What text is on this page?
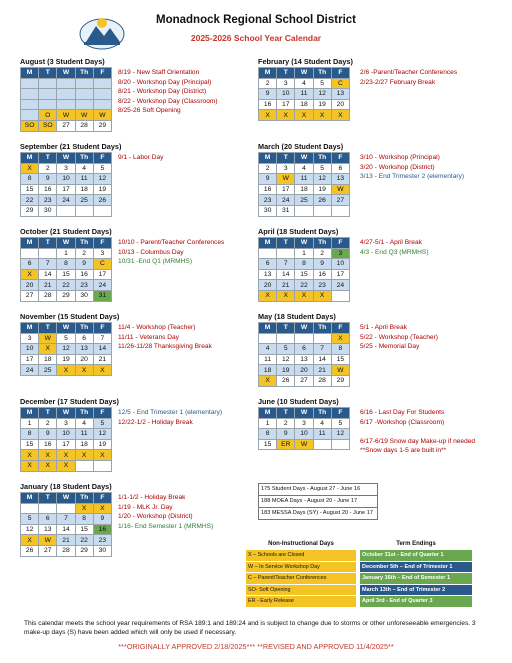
Monadnock Regional School District
2025-2026 School Year Calendar
August (3 Student Days)
M	T	W	Th	F

	O	W	W	W
SO	SO	27	28	29
8/19 - New Staff Orientation
8/20 - Workshop Day (Principal)
8/21 - Workshop Day (District)
8/22 - Workshop Day (Classroom)
8/25-26 Soft Opening
September (21 Student Days)
M	T	W	Th	F
X	2	3	4	5
8	9	10	11	12
15	16	17	18	19
22	23	24	25	26
29	30			
9/1 - Labor Day
October (21 Student Days)
M	T	W	Th	F
		1	2	3
6	7	8	9	C
X	14	15	16	17
20	21	22	23	24
27	28	29	30	31
10/10 - Parent/Teacher Conferences
10/13 - Columbus Day
10/31 -End Q1 (MRMHS)
November (15 Student Days)
M	T	W	Th	F
3	W	5	6	7
10	X	12	13	14
17	18	19	20	21
24	25	X	X	X
11/4 - Workshop (Teacher)
11/11 - Veterans Day
11/26-11/28 Thanksgiving Break
December (17 Student Days)
M	T	W	Th	F
1	2	3	4	5
8	9	10	11	12
15	16	17	18	19
X	X	X	X	X
X	X	X		
12/5 - End Trimester 1 (elementary)
12/22-1/2 - Holiday Break
January (18 Student Days)
M	T	W	Th	F
			X	X
5	6	7	8	9
12	13	14	15	16
X	W	21	22	23
26	27	28	29	30
1/1-1/2 - Holiday Break
1/19 - MLK Jr. Day
1/20 - Workshop (District)
1/16- End Semester 1 (MRMHS)
February (14 Student Days)
M	T	W	Th	F
2	3	4	5	C
9	10	11	12	13
16	17	18	19	20
X	X	X	X	X
2/6 -Parent/Teacher Conferences
2/23-2/27 February Break
March (20 Student Days)
M	T	W	Th	F
2	3	4	5	6
9	W	11	12	13
16	17	18	19	W
23	24	25	26	27
30	31			
3/10 - Workshop (Principal)
3/20 - Workshop (District)
3/13 - End Trimester 2 (elementary)
April (18 Student Days)
M	T	W	Th	F
		1	2	3
6	7	8	9	10
13	14	15	16	17
20	21	22	23	24
X	X	X	X	
4/27-5/1 - April Break
4/3 - End Q3 (MRMHS)
May (18 Student Days)
M	T	W	Th	F
				X
4	5	6	7	8
11	12	13	14	15
18	19	20	21	W
X	26	27	28	29
5/1 - April Break
5/22 - Workshop (Teacher)
5/25 - Memorial Day
June (10 Student Days)
M	T	W	Th	F
1	2	3	4	5
8	9	10	11	12
15	ER	W		
6/16 - Last Day For Students
6/17 -Workshop (Classroom)

6/17-6/19 Snow day Make-up if needed
**Snow days 1-5 are built in**
175 Student Days - August 27 - June 16
188 MOEA Days - August 20 - June 17
183 MESSA Days (SY) - August 20 - June 17
Non-Instructional Days
X – Schools are Closed
W – In Service Workshop Day
C – Parent/Teacher Conferences
SO- Soft Opening
ER - Early Release
Term Endings
October 31st - End of Quarter 1
December 5th – End of Trimester 1
January 16th – End of Semester 1
March 13th – End of Trimester 2
April 3rd - End of Quarter 3
This calendar meets the school year requirements of RSA 189:1 and 189:24 and is subject to change due to storms or other unforeseeable emergencies. 3 make-up days (S) have been added which will only be used if necessary.
***ORIGINALLY APPROVED 2/18/2025*** **REVISED AND APPROVED 11/4/2025**
